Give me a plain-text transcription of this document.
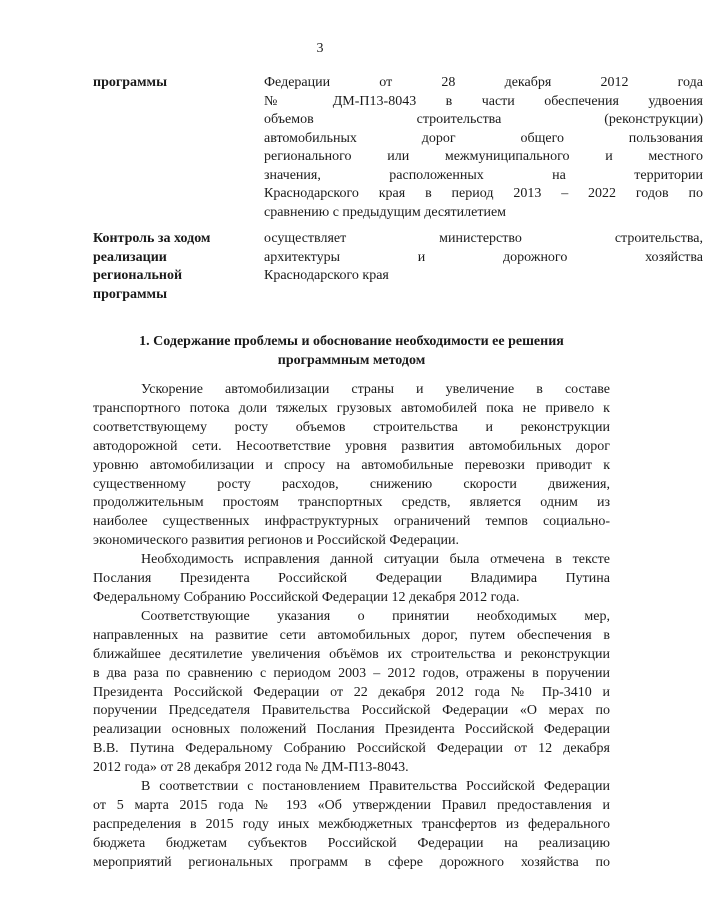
3
программы	Федерации от 28 декабря 2012 года
№ ДМ-П13-8043 в части обеспечения удвоения
объемов строительства (реконструкции)
автомобильных дорог общего пользования
регионального или межмуниципального и местного
значения, расположенных на территории
Краснодарского края в период 2013 – 2022 годов по
сравнению с предыдущим десятилетием
Контроль за ходом
реализации
региональной
программы
осуществляет министерство строительства,
архитектуры и дорожного хозяйства
Краснодарского края
1. Содержание проблемы и обоснование необходимости ее решения
программным методом

Ускорение автомобилизации страны и увеличение в составе
транспортного потока доли тяжелых грузовых автомобилей пока не привело к
соответствующему росту объемов строительства и реконструкции
автодорожной сети. Несоответствие уровня развития автомобильных дорог
уровню автомобилизации и спросу на автомобильные перевозки приводит к
существенному росту расходов, снижению скорости движения,
продолжительным простоям транспортных средств, является одним из
наиболее существенных инфраструктурных ограничений темпов социально-
экономического развития регионов и Российской Федерации.

Необходимость исправления данной ситуации была отмечена в тексте
Послания Президента Российской Федерации Владимира Путина
Федеральному Собранию Российской Федерации 12 декабря 2012 года.

Соответствующие указания о принятии необходимых мер,
направленных на развитие сети автомобильных дорог, путем обеспечения в
ближайшее десятилетие увеличения объёмов их строительства и реконструкции
в два раза по сравнению с периодом 2003 – 2012 годов, отражены в поручении
Президента Российской Федерации от 22 декабря 2012 года № Пр-3410 и
поручении Председателя Правительства Российской Федерации «О мерах по
реализации основных положений Послания Президента Российской Федерации
В.В. Путина Федеральному Собранию Российской Федерации от 12 декабря
2012 года» от 28 декабря 2012 года № ДМ-П13-8043.

В соответствии с постановлением Правительства Российской Федерации
от 5 марта 2015 года № 193 «Об утверждении Правил предоставления и
распределения в 2015 году иных межбюджетных трансфертов из федерального
бюджета бюджетам субъектов Российской Федерации на реализацию
мероприятий региональных программ в сфере дорожного хозяйства по
